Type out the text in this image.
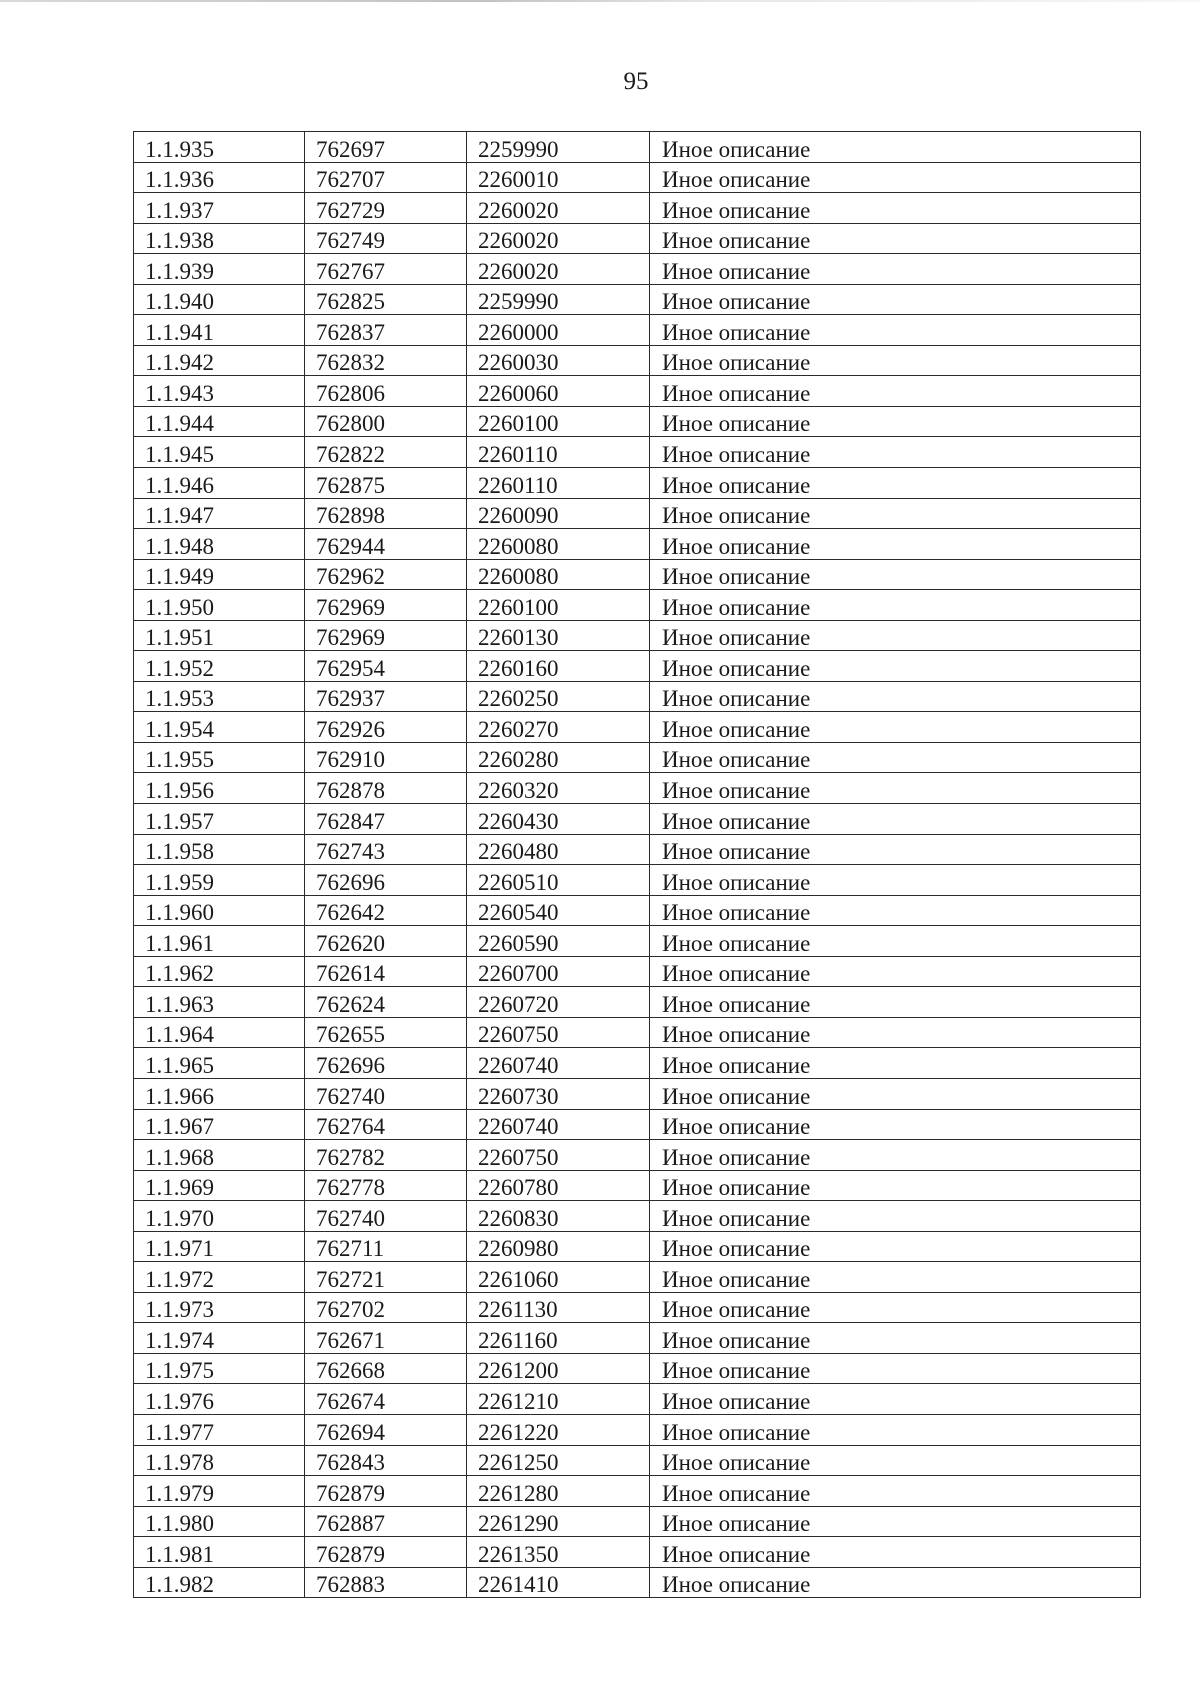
95
1.1.935	762697	2259990	Иное описание
1.1.936	762707	2260010	Иное описание
1.1.937	762729	2260020	Иное описание
1.1.938	762749	2260020	Иное описание
1.1.939	762767	2260020	Иное описание
1.1.940	762825	2259990	Иное описание
1.1.941	762837	2260000	Иное описание
1.1.942	762832	2260030	Иное описание
1.1.943	762806	2260060	Иное описание
1.1.944	762800	2260100	Иное описание
1.1.945	762822	2260110	Иное описание
1.1.946	762875	2260110	Иное описание
1.1.947	762898	2260090	Иное описание
1.1.948	762944	2260080	Иное описание
1.1.949	762962	2260080	Иное описание
1.1.950	762969	2260100	Иное описание
1.1.951	762969	2260130	Иное описание
1.1.952	762954	2260160	Иное описание
1.1.953	762937	2260250	Иное описание
1.1.954	762926	2260270	Иное описание
1.1.955	762910	2260280	Иное описание
1.1.956	762878	2260320	Иное описание
1.1.957	762847	2260430	Иное описание
1.1.958	762743	2260480	Иное описание
1.1.959	762696	2260510	Иное описание
1.1.960	762642	2260540	Иное описание
1.1.961	762620	2260590	Иное описание
1.1.962	762614	2260700	Иное описание
1.1.963	762624	2260720	Иное описание
1.1.964	762655	2260750	Иное описание
1.1.965	762696	2260740	Иное описание
1.1.966	762740	2260730	Иное описание
1.1.967	762764	2260740	Иное описание
1.1.968	762782	2260750	Иное описание
1.1.969	762778	2260780	Иное описание
1.1.970	762740	2260830	Иное описание
1.1.971	762711	2260980	Иное описание
1.1.972	762721	2261060	Иное описание
1.1.973	762702	2261130	Иное описание
1.1.974	762671	2261160	Иное описание
1.1.975	762668	2261200	Иное описание
1.1.976	762674	2261210	Иное описание
1.1.977	762694	2261220	Иное описание
1.1.978	762843	2261250	Иное описание
1.1.979	762879	2261280	Иное описание
1.1.980	762887	2261290	Иное описание
1.1.981	762879	2261350	Иное описание
1.1.982	762883	2261410	Иное описание
